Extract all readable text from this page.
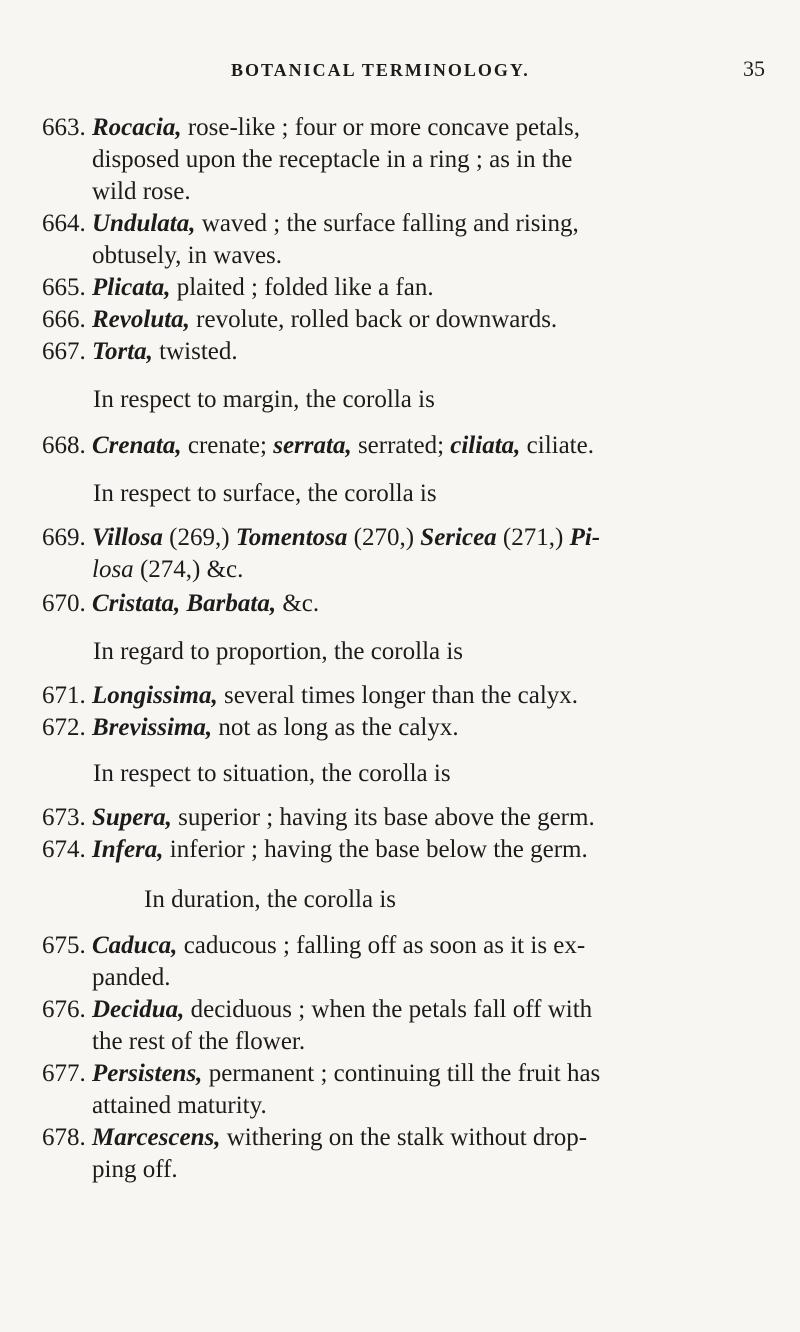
BOTANICAL TERMINOLOGY.	35
663. Rocacia, rose-like ; four or more concave petals,
disposed upon the receptacle in a ring ; as in the
wild rose.
664. Undulata, waved ; the surface falling and rising,
obtusely, in waves.
665. Plicata, plaited ; folded like a fan.
666. Revoluta, revolute, rolled back or downwards.
667. Torta, twisted.
In respect to margin, the corolla is
668. Crenata, crenate; serrata, serrated; ciliata, ciliate.
In respect to surface, the corolla is
669. Villosa (269,) Tomentosa (270,) Sericea (271,) Pi-
losa (274,) &c.
670. Cristata, Barbata, &c.
In regard to proportion, the corolla is
671. Longissima, several times longer than the calyx.
672. Brevissima, not as long as the calyx.
In respect to situation, the corolla is
673. Supera, superior ; having its base above the germ.
674. Infera, inferior ; having the base below the germ.
In duration, the corolla is
675. Caduca, caducous ; falling off as soon as it is ex-
panded.
676. Decidua, deciduous ; when the petals fall off with
the rest of the flower.
677. Persistens, permanent ; continuing till the fruit has
attained maturity.
678. Marcescens, withering on the stalk without drop-
ping off.
